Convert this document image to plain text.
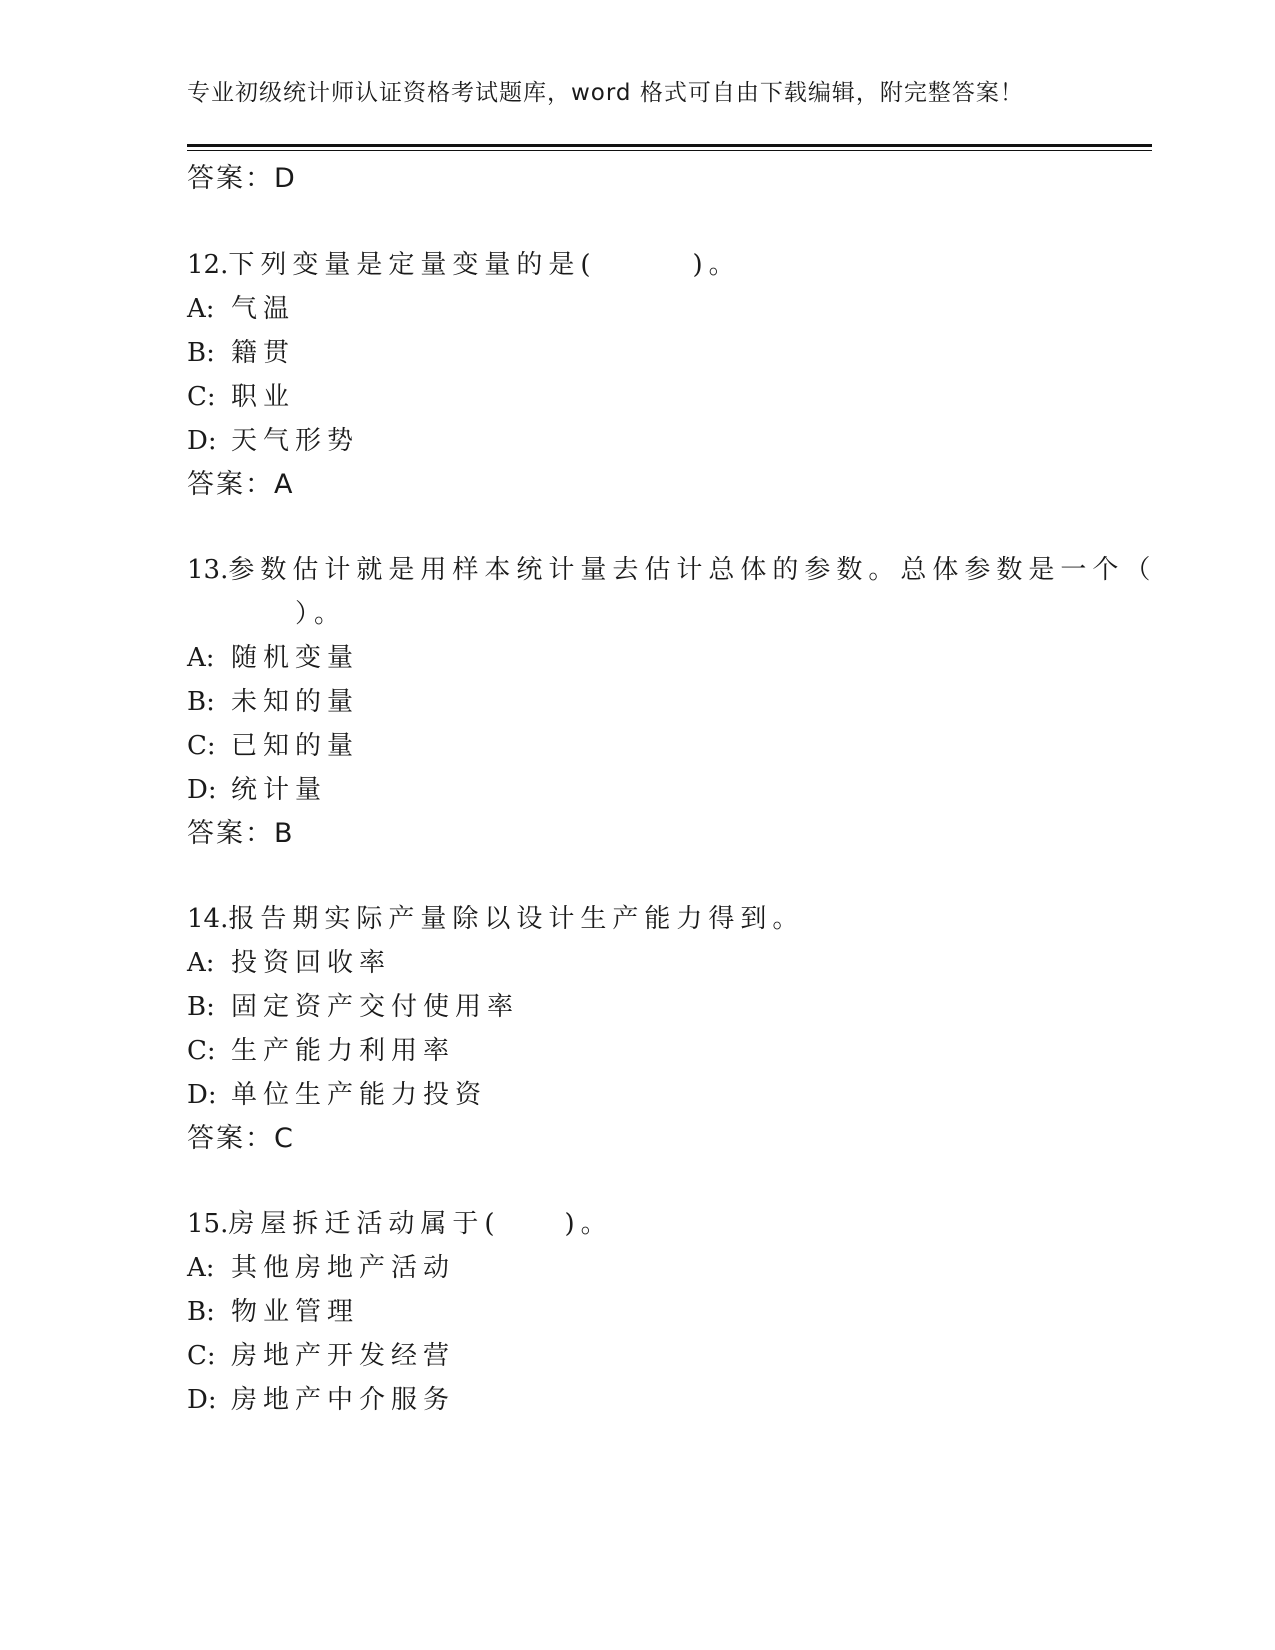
专业初级统计师认证资格考试题库，word 格式可自由下载编辑，附完整答案！
答案：D
12.下列变量是定量变量的是(　　　)。
A: 气温
B: 籍贯
C: 职业
D: 天气形势
答案：A
13.参数估计就是用样本统计量去估计总体的参数。总体参数是一个（
　　）。
A: 随机变量
B: 未知的量
C: 已知的量
D: 统计量
答案：B
14.报告期实际产量除以设计生产能力得到。
A: 投资回收率
B: 固定资产交付使用率
C: 生产能力利用率
D: 单位生产能力投资
答案：C
15.房屋拆迁活动属于(　　)。
A: 其他房地产活动
B: 物业管理
C: 房地产开发经营
D: 房地产中介服务
